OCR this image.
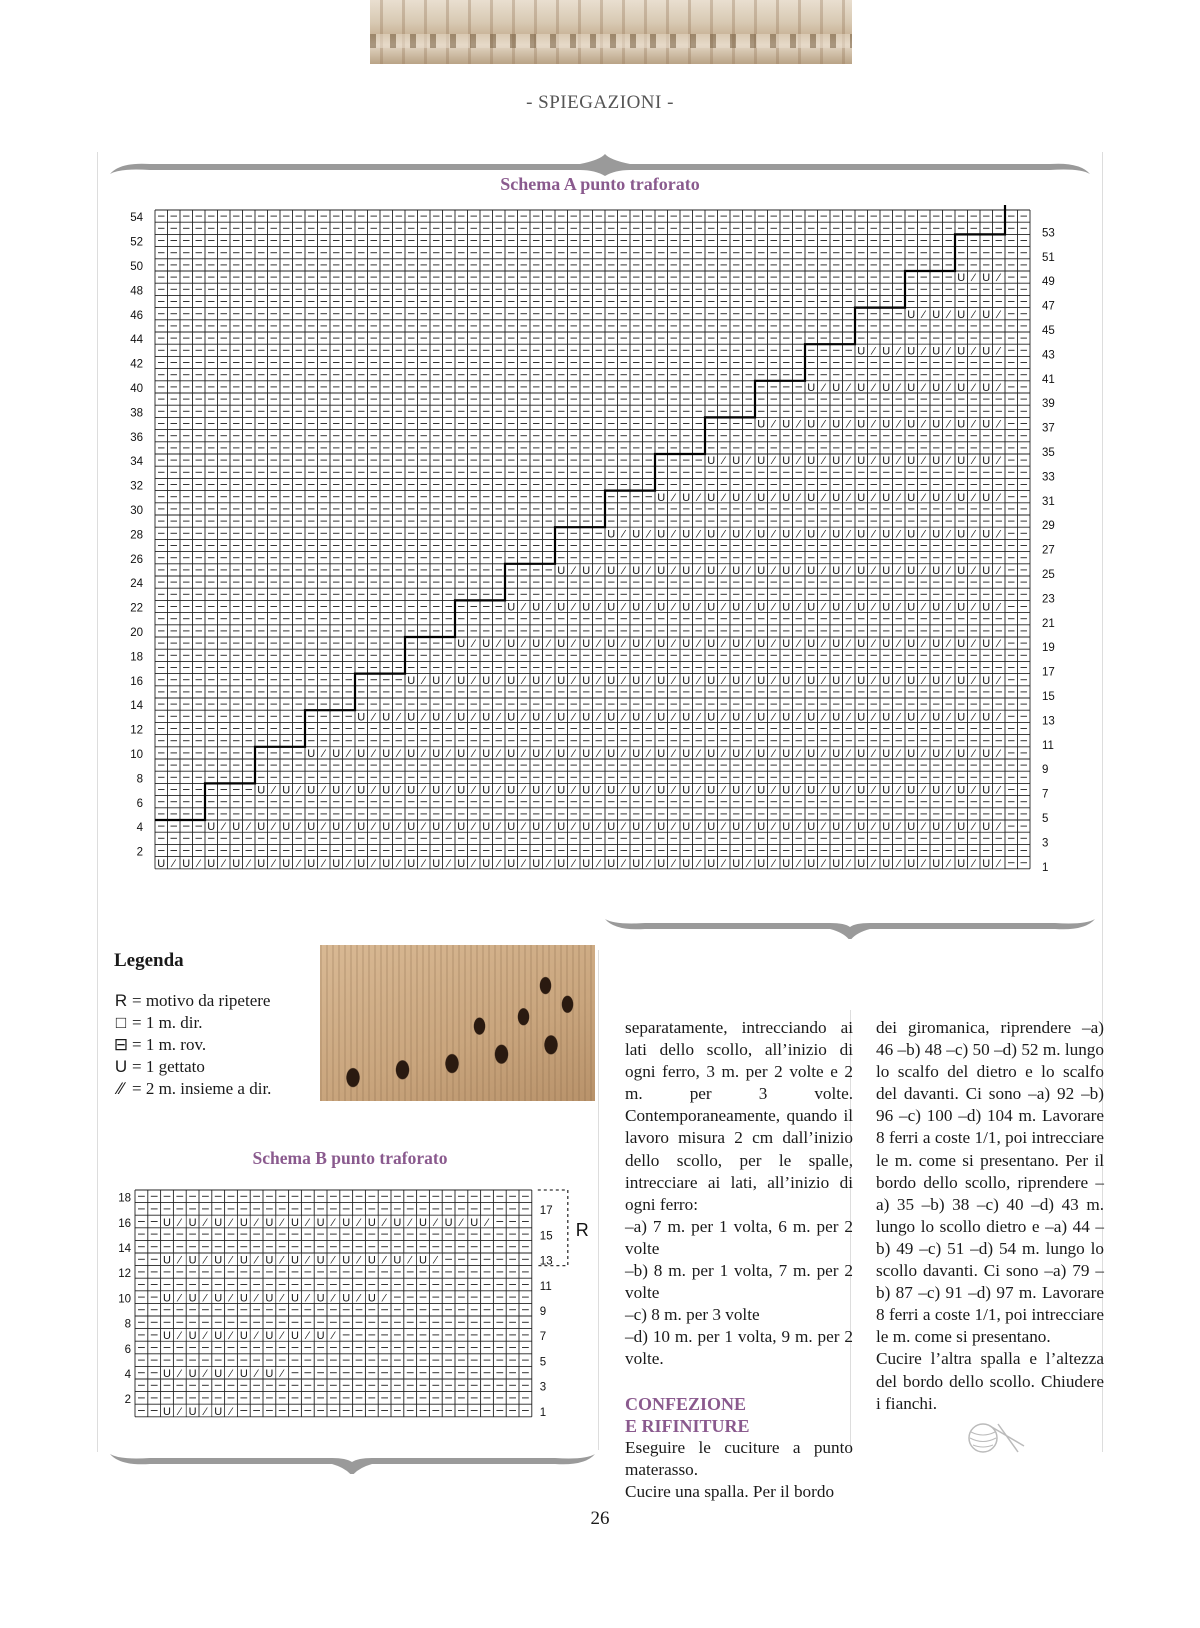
- SPIEGAZIONI -
Schema A punto traforato
U ⁄ U ⁄ U ⁄ U ⁄ U ⁄ U ⁄ U ⁄ U ⁄ U ⁄ U ⁄ U ⁄ U ⁄ U ⁄ U ⁄ U ⁄ U ⁄ U ⁄ U ⁄ U ⁄ U ⁄ U ⁄ U ⁄ U ⁄ U ⁄ U ⁄ U ⁄ U ⁄ U ⁄ U ⁄ U ⁄ U ⁄ U ⁄ U ⁄ U ⁄
U ⁄ U ⁄ U ⁄ U ⁄ U ⁄ U ⁄ U ⁄ U ⁄ U ⁄ U ⁄ U ⁄ U ⁄ U ⁄ U ⁄ U ⁄ U ⁄ U ⁄ U ⁄ U ⁄ U ⁄ U ⁄ U ⁄ U ⁄ U ⁄ U ⁄ U ⁄ U ⁄ U ⁄ U ⁄ U ⁄ U ⁄ U ⁄
U ⁄ U ⁄ U ⁄ U ⁄ U ⁄ U ⁄ U ⁄ U ⁄ U ⁄ U ⁄ U ⁄ U ⁄ U ⁄ U ⁄ U ⁄ U ⁄ U ⁄ U ⁄ U ⁄ U ⁄ U ⁄ U ⁄ U ⁄ U ⁄ U ⁄ U ⁄ U ⁄ U ⁄ U ⁄ U ⁄
U ⁄ U ⁄ U ⁄ U ⁄ U ⁄ U ⁄ U ⁄ U ⁄ U ⁄ U ⁄ U ⁄ U ⁄ U ⁄ U ⁄ U ⁄ U ⁄ U ⁄ U ⁄ U ⁄ U ⁄ U ⁄ U ⁄ U ⁄ U ⁄ U ⁄ U ⁄ U ⁄ U ⁄
U ⁄ U ⁄ U ⁄ U ⁄ U ⁄ U ⁄ U ⁄ U ⁄ U ⁄ U ⁄ U ⁄ U ⁄ U ⁄ U ⁄ U ⁄ U ⁄ U ⁄ U ⁄ U ⁄ U ⁄ U ⁄ U ⁄ U ⁄ U ⁄ U ⁄ U ⁄
U ⁄ U ⁄ U ⁄ U ⁄ U ⁄ U ⁄ U ⁄ U ⁄ U ⁄ U ⁄ U ⁄ U ⁄ U ⁄ U ⁄ U ⁄ U ⁄ U ⁄ U ⁄ U ⁄ U ⁄ U ⁄ U ⁄ U ⁄ U ⁄
U ⁄ U ⁄ U ⁄ U ⁄ U ⁄ U ⁄ U ⁄ U ⁄ U ⁄ U ⁄ U ⁄ U ⁄ U ⁄ U ⁄ U ⁄ U ⁄ U ⁄ U ⁄ U ⁄ U ⁄ U ⁄ U ⁄
U ⁄ U ⁄ U ⁄ U ⁄ U ⁄ U ⁄ U ⁄ U ⁄ U ⁄ U ⁄ U ⁄ U ⁄ U ⁄ U ⁄ U ⁄ U ⁄ U ⁄ U ⁄ U ⁄ U ⁄
U ⁄ U ⁄ U ⁄ U ⁄ U ⁄ U ⁄ U ⁄ U ⁄ U ⁄ U ⁄ U ⁄ U ⁄ U ⁄ U ⁄ U ⁄ U ⁄ U ⁄ U ⁄
U ⁄ U ⁄ U ⁄ U ⁄ U ⁄ U ⁄ U ⁄ U ⁄ U ⁄ U ⁄ U ⁄ U ⁄ U ⁄ U ⁄ U ⁄ U ⁄
U ⁄ U ⁄ U ⁄ U ⁄ U ⁄ U ⁄ U ⁄ U ⁄ U ⁄ U ⁄ U ⁄ U ⁄ U ⁄ U ⁄
U ⁄ U ⁄ U ⁄ U ⁄ U ⁄ U ⁄ U ⁄ U ⁄ U ⁄ U ⁄ U ⁄ U ⁄
U ⁄ U ⁄ U ⁄ U ⁄ U ⁄ U ⁄ U ⁄ U ⁄ U ⁄ U ⁄
U ⁄ U ⁄ U ⁄ U ⁄ U ⁄ U ⁄ U ⁄ U ⁄
U ⁄ U ⁄ U ⁄ U ⁄ U ⁄ U ⁄
U ⁄ U ⁄ U ⁄ U ⁄
U ⁄ U ⁄
54
52
50
48
46
44
42
40
38
36
34
32
30
28
26
24
22
20
18
16
14
12
10
8
6
4
2
53
51
49
47
45
43
41
39
37
35
33
31
29
27
25
23
21
19
17
15
13
11
9
7
5
3
1
Legenda
R = motivo da ripetere
□ = 1 m. dir.
⊟ = 1 m. rov.
U = 1 gettato
⁄∕ = 2 m. insieme a dir.
Schema B punto traforato
U ⁄ U ⁄ U ⁄
U ⁄ U ⁄ U ⁄ U ⁄ U ⁄
U ⁄ U ⁄ U ⁄ U ⁄ U ⁄ U ⁄ U ⁄
U ⁄ U ⁄ U ⁄ U ⁄ U ⁄ U ⁄ U ⁄ U ⁄ U ⁄
U ⁄ U ⁄ U ⁄ U ⁄ U ⁄ U ⁄ U ⁄ U ⁄ U ⁄ U ⁄ U ⁄
U ⁄ U ⁄ U ⁄ U ⁄ U ⁄ U ⁄ U ⁄ U ⁄ U ⁄ U ⁄ U ⁄ U ⁄ U ⁄	R
18
16
14
12
10
8
6
4
2
17
15
13
11
9
7
5
3
1

separatamente, intrecciando ai lati dello scollo, all’inizio di ogni ferro, 3 m. per 2 volte e 2 m. per 3 volte. Contemporaneamente, quando il lavoro misura 2 cm dall’inizio dello scollo, per le spalle, intrecciare ai lati, all’inizio di ogni ferro:

–a) 7 m. per 1 volta, 6 m. per 2 volte

–b) 8 m. per 1 volta, 7 m. per 2 volte

–c) 8 m. per 3 volte

–d) 10 m. per 1 volta, 9 m. per 2 volte.

CONFEZIONE
E RIFINITURE

Eseguire le cuciture a punto materasso.

Cucire una spalla. Per il bordo

dei giromanica, riprendere –a) 46 –b) 48 –c) 50 –d) 52 m. lungo lo scalfo del dietro e lo scalfo del davanti. Ci sono –a) 92 –b) 96 –c) 100 –d) 104 m. Lavorare 8 ferri a coste 1/1, poi intrecciare le m. come si presentano. Per il bordo dello scollo, riprendere –a) 35 –b) 38 –c) 40 –d) 43 m. lungo lo scollo dietro e –a) 44 –b) 49 –c) 51 –d) 54 m. lungo lo scollo davanti. Ci sono –a) 79 –b) 87 –c) 91 –d) 97 m. Lavorare 8 ferri a coste 1/1, poi intrecciare le m. come si presentano.

Cucire l’altra spalla e l’altezza del bordo dello scollo. Chiudere i fianchi.

26
